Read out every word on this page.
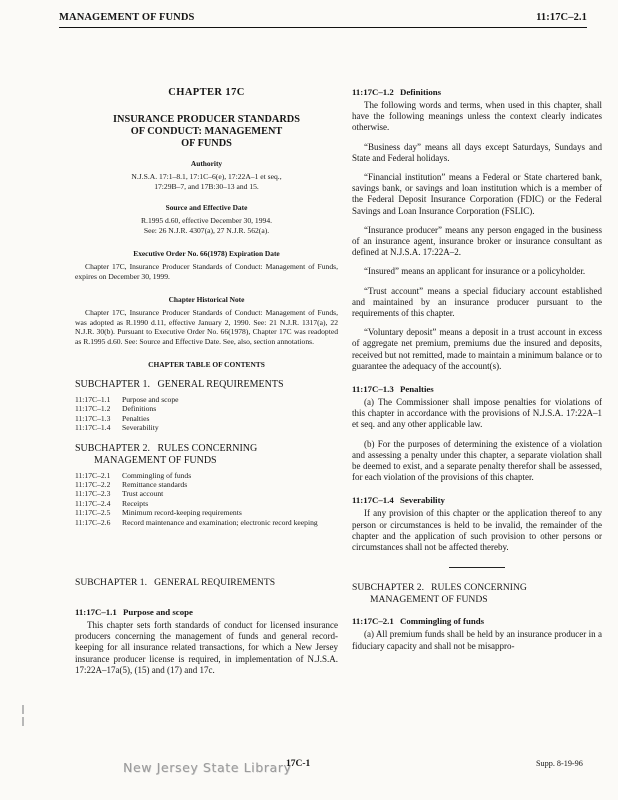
MANAGEMENT OF FUNDS	11:17C–2.1
CHAPTER 17C
INSURANCE PRODUCER STANDARDS
OF CONDUCT: MANAGEMENT
OF FUNDS
Authority
N.J.S.A. 17:1–8.1, 17:1C–6(e), 17:22A–1 et seq.,
17:29B–7, and 17B:30–13 and 15.
Source and Effective Date
R.1995 d.60, effective December 30, 1994.
See: 26 N.J.R. 4307(a), 27 N.J.R. 562(a).
Executive Order No. 66(1978) Expiration Date
Chapter 17C, Insurance Producer Standards of Conduct: Management of Funds, expires on December 30, 1999.
Chapter Historical Note
Chapter 17C, Insurance Producer Standards of Conduct: Management of Funds, was adopted as R.1990 d.11, effective January 2, 1990. See: 21 N.J.R. 1317(a), 22 N.J.R. 30(b). Pursuant to Executive Order No. 66(1978), Chapter 17C was readopted as R.1995 d.60. See: Source and Effective Date. See, also, section annotations.
CHAPTER TABLE OF CONTENTS
SUBCHAPTER 1.   GENERAL REQUIREMENTS
11:17C–1.1	Purpose and scope
11:17C–1.2	Definitions
11:17C–1.3	Penalties
11:17C–1.4	Severability
SUBCHAPTER 2.   RULES CONCERNING
MANAGEMENT OF FUNDS
11:17C–2.1	Commingling of funds
11:17C–2.2	Remittance standards
11:17C–2.3	Trust account
11:17C–2.4	Receipts
11:17C–2.5	Minimum record-keeping requirements
11:17C–2.6	Record maintenance and examination; electronic record keeping
SUBCHAPTER 1.   GENERAL REQUIREMENTS
11:17C–1.1 Purpose and scope
This chapter sets forth standards of conduct for licensed insurance producers concerning the management of funds and general record-keeping for all insurance related transactions, for which a New Jersey insurance producer license is required, in implementation of N.J.S.A. 17:22A–17a(5), (15) and (17) and 17c.
11:17C–1.2 Definitions
The following words and terms, when used in this chapter, shall have the following meanings unless the context clearly indicates otherwise.
“Business day” means all days except Saturdays, Sundays and State and Federal holidays.
“Financial institution” means a Federal or State chartered bank, savings bank, or savings and loan institution which is a member of the Federal Deposit Insurance Corporation (FDIC) or the Federal Savings and Loan Insurance Corporation (FSLIC).
“Insurance producer” means any person engaged in the business of an insurance agent, insurance broker or insurance consultant as defined at N.J.S.A. 17:22A–2.
“Insured” means an applicant for insurance or a policyholder.
“Trust account” means a special fiduciary account established and maintained by an insurance producer pursuant to the requirements of this chapter.
“Voluntary deposit” means a deposit in a trust account in excess of aggregate net premium, premiums due the insured and deposits, received but not remitted, made to maintain a minimum balance or to guarantee the adequacy of the account(s).
11:17C–1.3 Penalties
(a) The Commissioner shall impose penalties for violations of this chapter in accordance with the provisions of N.J.S.A. 17:22A–1 et seq. and any other applicable law.
(b) For the purposes of determining the existence of a violation and assessing a penalty under this chapter, a separate violation shall be deemed to exist, and a separate penalty therefor shall be assessed, for each violation of the provisions of this chapter.
11:17C–1.4 Severability
If any provision of this chapter or the application thereof to any person or circumstances is held to be invalid, the remainder of the chapter and the application of such provision to other persons or circumstances shall not be affected thereby.
SUBCHAPTER 2.   RULES CONCERNING
MANAGEMENT OF FUNDS
11:17C–2.1 Commingling of funds
(a) All premium funds shall be held by an insurance producer in a fiduciary capacity and shall not be misappro-
New Jersey State Library
17C-1	Supp. 8-19-96
